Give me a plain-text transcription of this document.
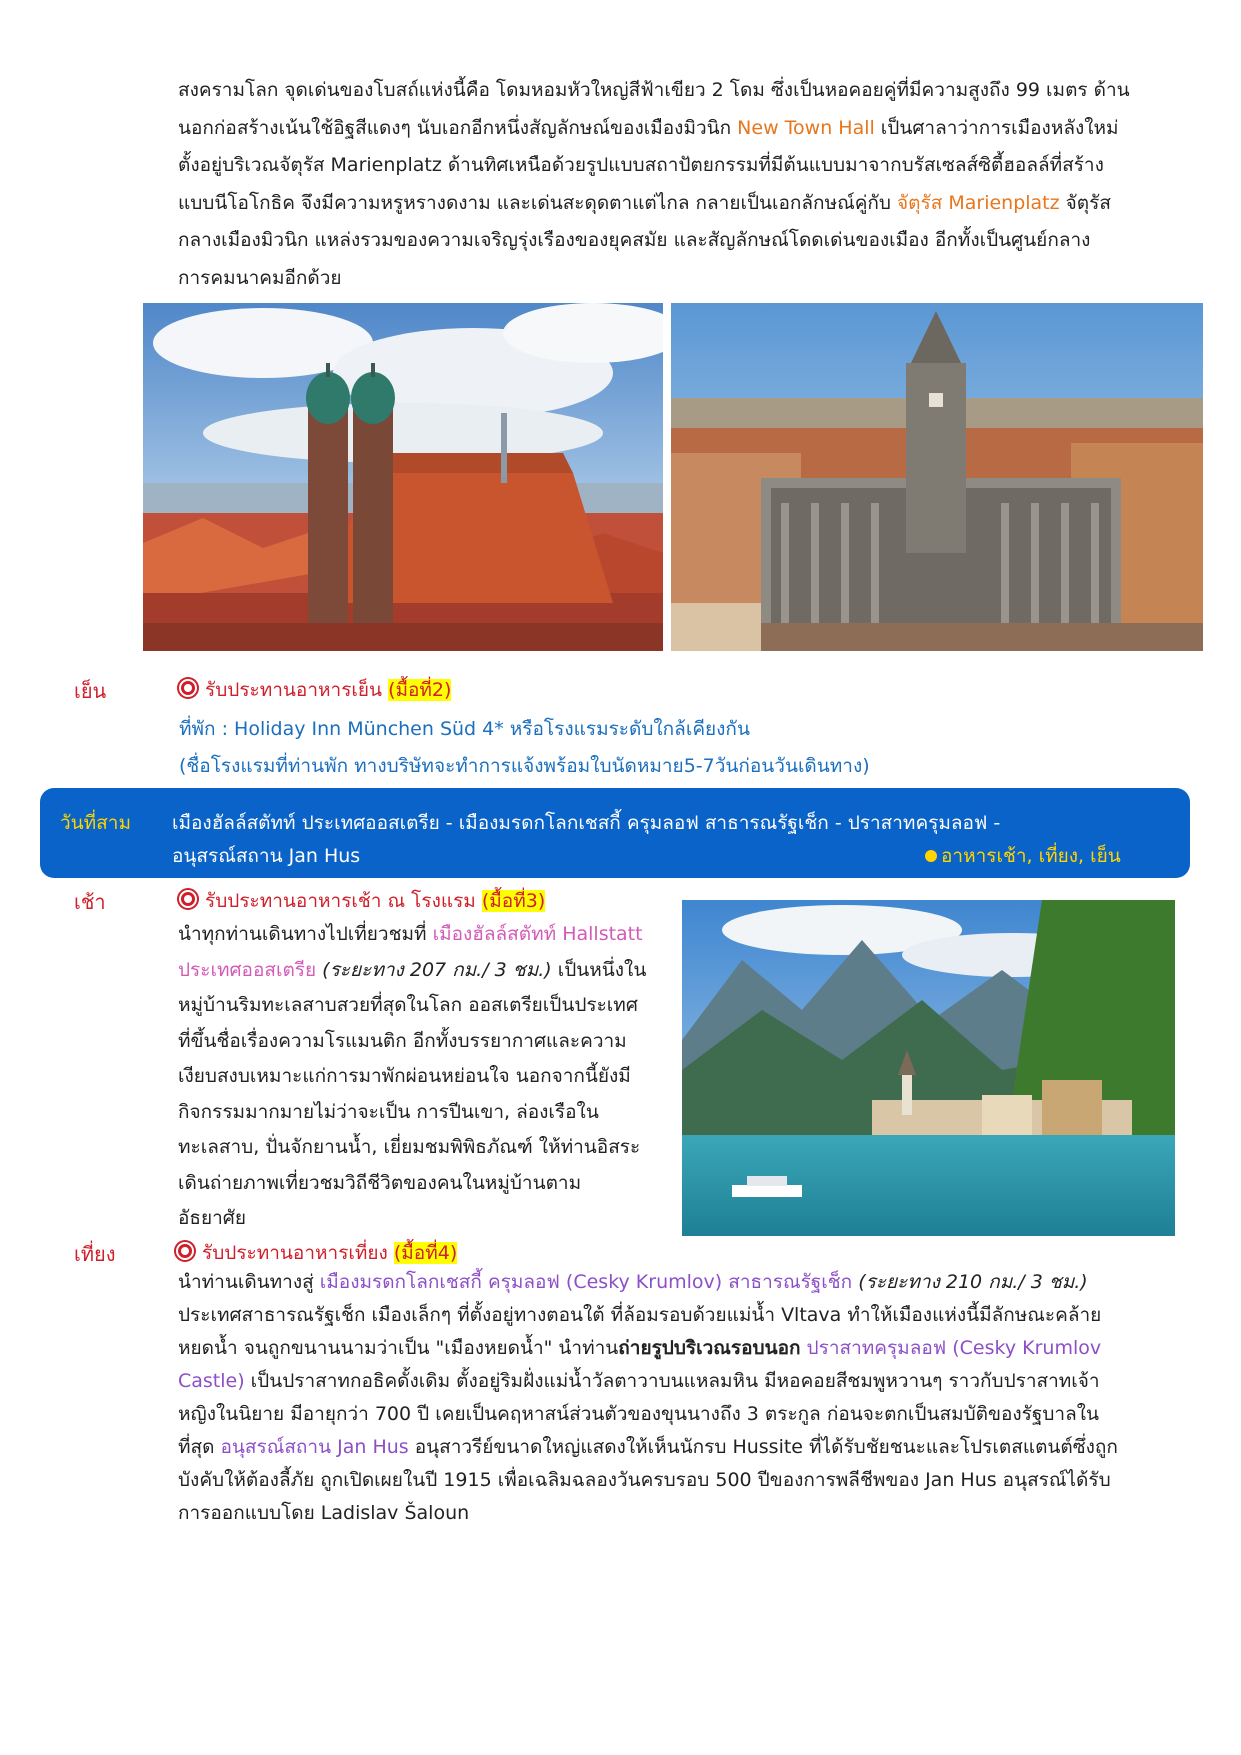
สงครามโลก จุดเด่นของโบสถ์แห่งนี้คือ โดมหอมหัวใหญ่สีฟ้าเขียว 2 โดม ซึ่งเป็นหอคอยคู่ที่มีความสูงถึง 99 เมตร ด้าน
นอกก่อสร้างเน้นใช้อิฐสีแดงๆ นับเอกอีกหนึ่งสัญลักษณ์ของเมืองมิวนิก New Town Hall เป็นศาลาว่าการเมืองหลังใหม่
ตั้งอยู่บริเวณจัตุรัส Marienplatz ด้านทิศเหนือด้วยรูปแบบสถาปัตยกรรมที่มีต้นแบบมาจากบรัสเซลส์ซิตี้ฮอลล์ที่สร้าง
แบบนีโอโกธิค จึงมีความหรูหรางดงาม และเด่นสะดุดตาแต่ไกล กลายเป็นเอกลักษณ์คู่กับ จัตุรัส Marienplatz จัตุรัส
กลางเมืองมิวนิก แหล่งรวมของความเจริญรุ่งเรืองของยุคสมัย และสัญลักษณ์โดดเด่นของเมือง อีกทั้งเป็นศูนย์กลาง
การคมนาคมอีกด้วย
เย็น	รับประทานอาหารเย็น (มื้อที่2)
ที่พัก : Holiday Inn München Süd 4* หรือโรงแรมระดับใกล้เคียงกัน
(ชื่อโรงแรมที่ท่านพัก ทางบริษัทจะทำการแจ้งพร้อมใบนัดหมาย5-7วันก่อนวันเดินทาง)
วันที่สาม เมืองฮัลล์สตัทท์ ประเทศออสเตรีย - เมืองมรดกโลกเชสกี้ ครุมลอฟ สาธารณรัฐเช็ก - ปราสาทครุมลอฟ -
อนุสรณ์สถาน Jan Hus	อาหารเช้า, เที่ยง, เย็น
เช้า	รับประทานอาหารเช้า ณ โรงแรม (มื้อที่3)
นำทุกท่านเดินทางไปเที่ยวชมที่ เมืองฮัลล์สตัทท์ Hallstatt
ประเทศออสเตรีย (ระยะทาง 207 กม./ 3 ชม.) เป็นหนึ่งใน
หมู่บ้านริมทะเลสาบสวยที่สุดในโลก ออสเตรียเป็นประเทศ
ที่ขึ้นชื่อเรื่องความโรแมนติก อีกทั้งบรรยากาศและความ
เงียบสงบเหมาะแก่การมาพักผ่อนหย่อนใจ นอกจากนี้ยังมี
กิจกรรมมากมายไม่ว่าจะเป็น การปีนเขา, ล่องเรือใน
ทะเลสาบ, ปั่นจักยานน้ำ, เยี่ยมชมพิพิธภัณฑ์ ให้ท่านอิสระ
เดินถ่ายภาพเที่ยวชมวิถีชีวิตของคนในหมู่บ้านตาม
อัธยาศัย
เที่ยง	รับประทานอาหารเที่ยง (มื้อที่4)
นำท่านเดินทางสู่ เมืองมรดกโลกเชสกี้ ครุมลอฟ (Cesky Krumlov) สาธารณรัฐเช็ก (ระยะทาง 210 กม./ 3 ชม.)
ประเทศสาธารณรัฐเช็ก เมืองเล็กๆ ที่ตั้งอยู่ทางตอนใต้ ที่ล้อมรอบด้วยแม่น้ำ Vltava ทำให้เมืองแห่งนี้มีลักษณะคล้าย
หยดน้ำ จนถูกขนานนามว่าเป็น "เมืองหยดน้ำ" นำท่านถ่ายรูปบริเวณรอบนอก ปราสาทครุมลอฟ (Cesky Krumlov
Castle) เป็นปราสาทกอธิคดั้งเดิม ตั้งอยู่ริมฝั่งแม่น้ำวัลตาวาบนแหลมหิน มีหอคอยสีชมพูหวานๆ ราวกับปราสาทเจ้า
หญิงในนิยาย มีอายุกว่า 700 ปี เคยเป็นคฤหาสน์ส่วนตัวของขุนนางถึง 3 ตระกูล ก่อนจะตกเป็นสมบัติของรัฐบาลใน
ที่สุด อนุสรณ์สถาน Jan Hus อนุสาวรีย์ขนาดใหญ่แสดงให้เห็นนักรบ Hussite ที่ได้รับชัยชนะและโปรเตสแตนต์ซึ่งถูก
บังคับให้ต้องลี้ภัย ถูกเปิดเผยในปี 1915 เพื่อเฉลิมฉลองวันครบรอบ 500 ปีของการพลีชีพของ Jan Hus อนุสรณ์ได้รับ
การออกแบบโดย Ladislav Šaloun
